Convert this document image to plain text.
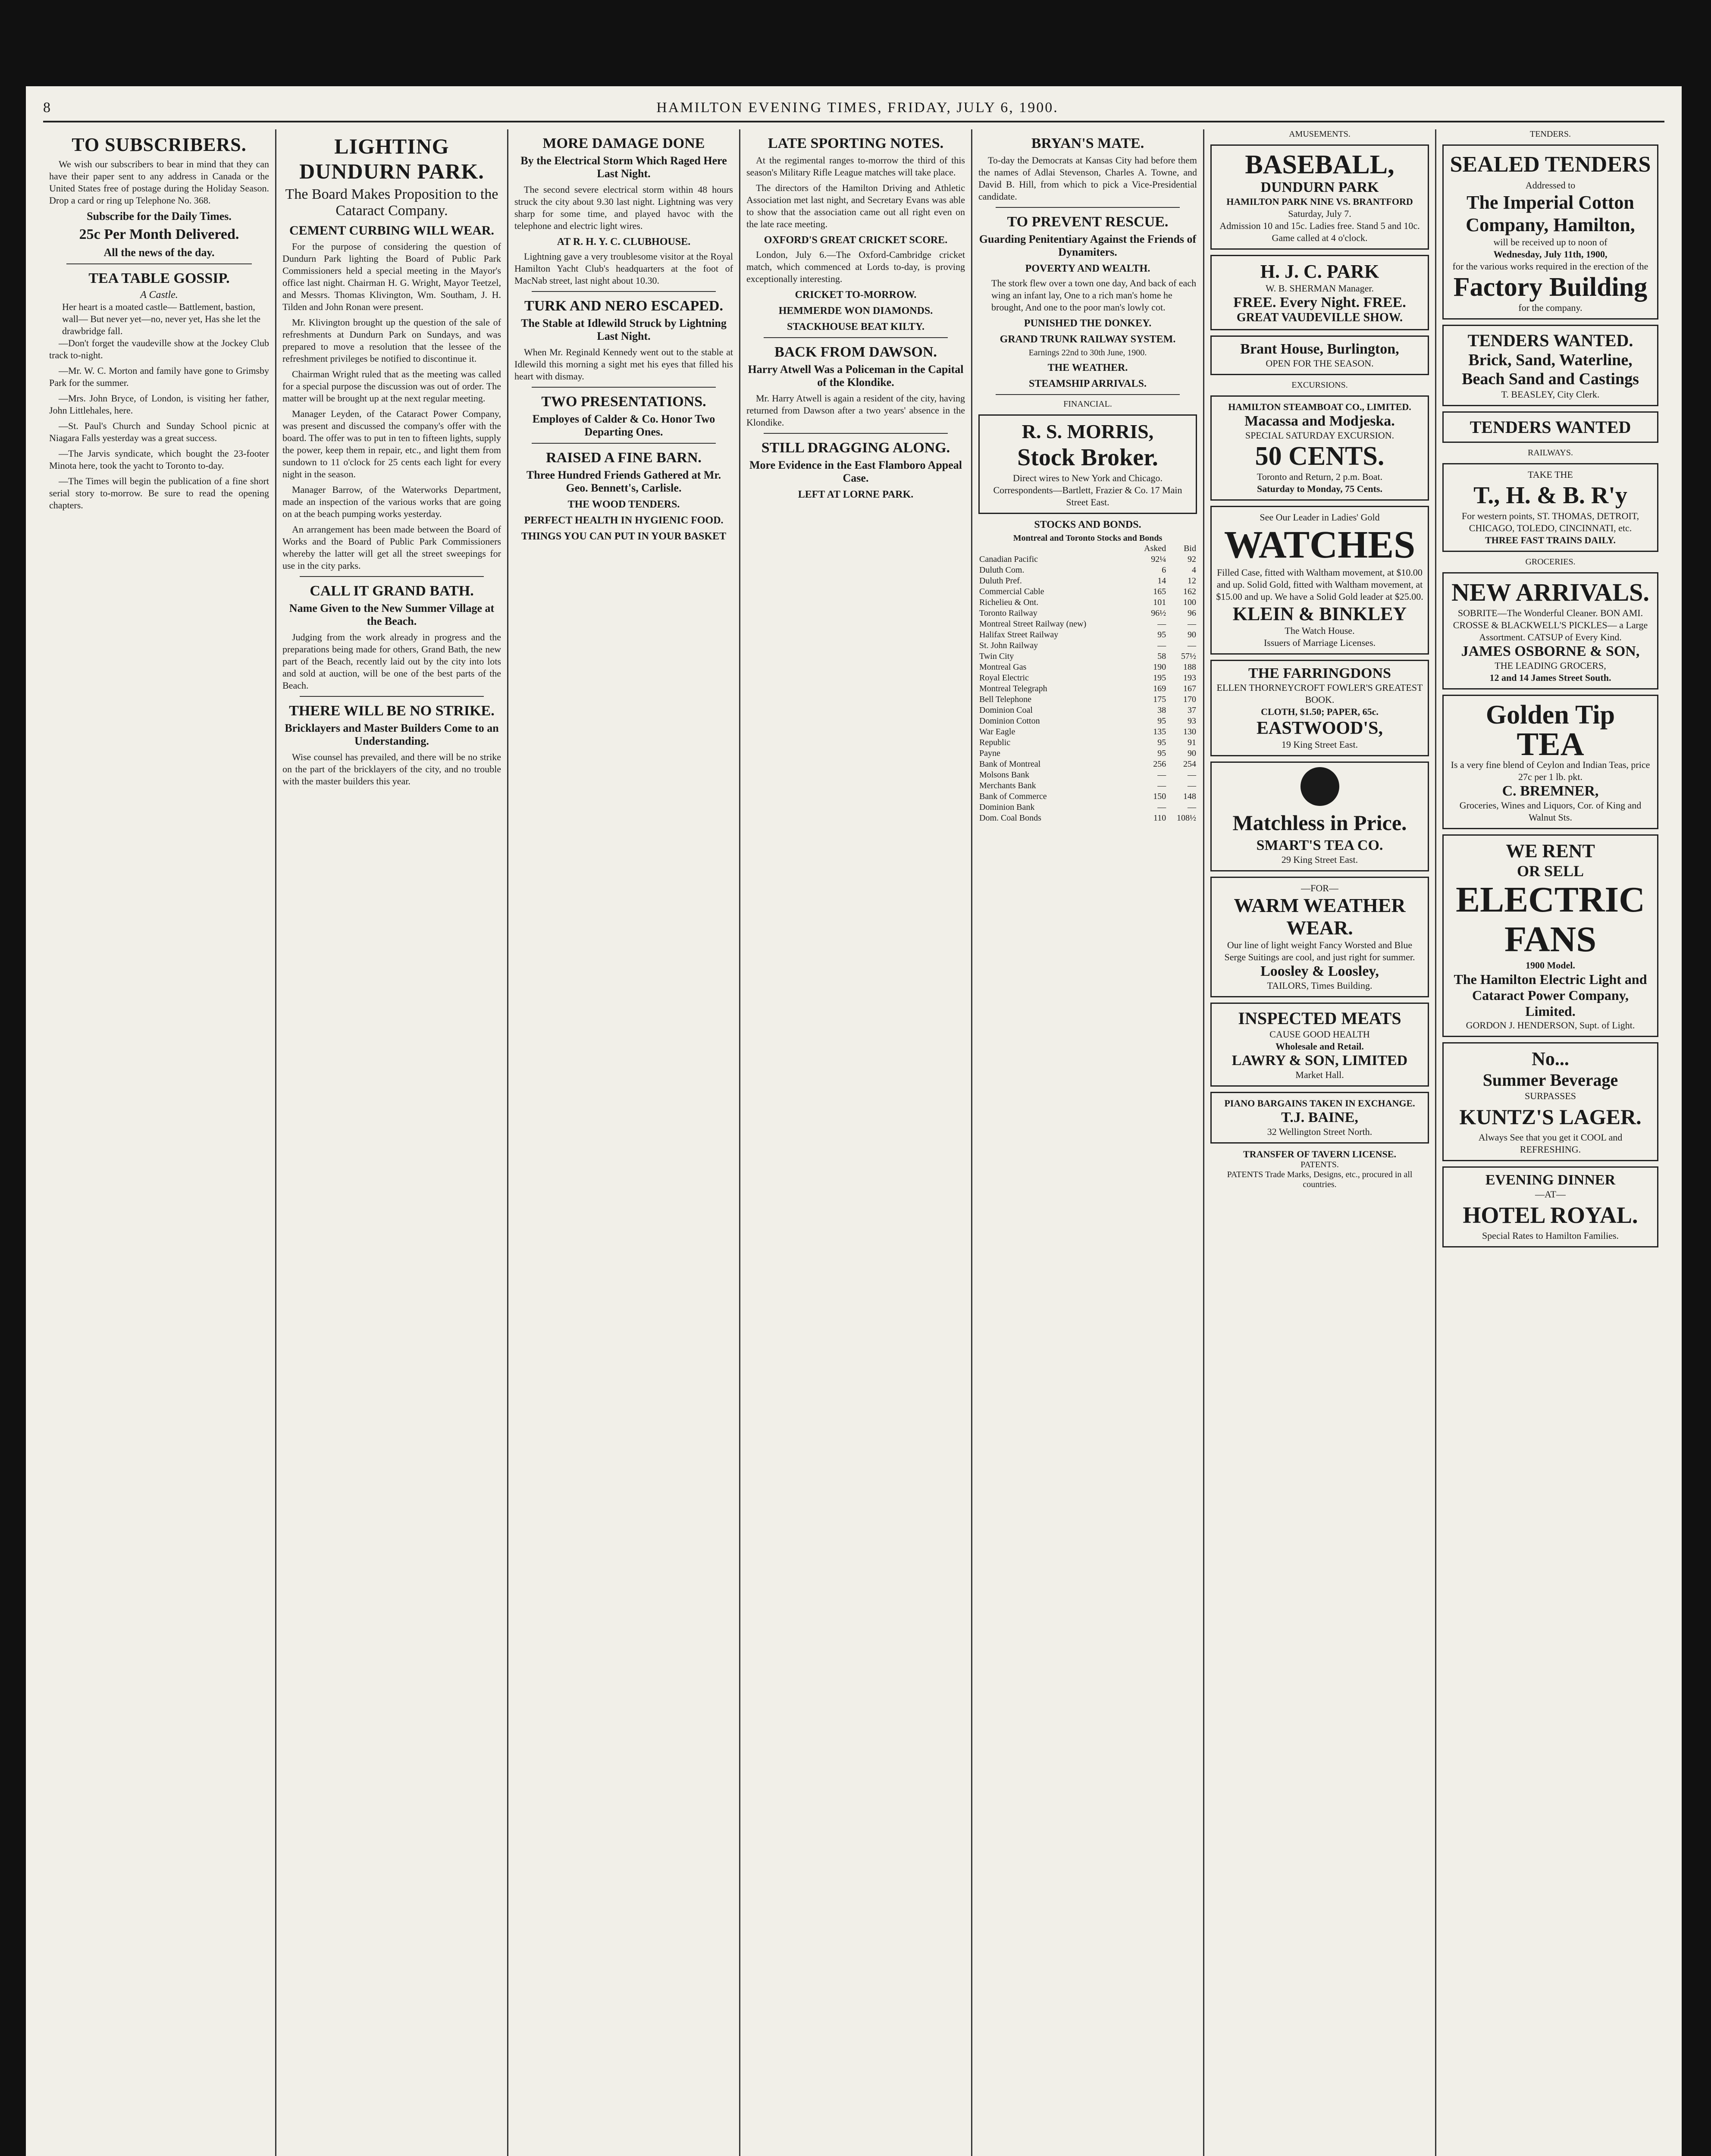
8	HAMILTON EVENING TIMES, FRIDAY, JULY 6, 1900.
TO SUBSCRIBERS.

We wish our subscribers to bear in mind that they can have their paper sent to any address in Canada or the United States free of postage during the Holiday Season. Drop a card or ring up Telephone No. 368.

Subscribe for the Daily Times.
25c Per Month Delivered.
All the news of the day.
TEA TABLE GOSSIP.
A Castle.
Her heart is a moated castle— Battlement, bastion, wall— But never yet—no, never yet, Has she let the drawbridge fall.

—Don't forget the vaudeville show at the Jockey Club track to-night.

—Mr. W. C. Morton and family have gone to Grimsby Park for the summer.

—Mrs. John Bryce, of London, is visiting her father, John Littlehales, here.

—St. Paul's Church and Sunday School picnic at Niagara Falls yesterday was a great success.

—The Jarvis syndicate, which bought the 23-footer Minota here, took the yacht to Toronto to-day.

—The Times will begin the publication of a fine short serial story to-morrow. Be sure to read the opening chapters.

LIGHTING DUNDURN PARK.
The Board Makes Proposition to the Cataract Company.
CEMENT CURBING WILL WEAR.

For the purpose of considering the question of Dundurn Park lighting the Board of Public Park Commissioners held a special meeting in the Mayor's office last night. Chairman H. G. Wright, Mayor Teetzel, and Messrs. Thomas Klivington, Wm. Southam, J. H. Tilden and John Ronan were present.

Mr. Klivington brought up the question of the sale of refreshments at Dundurn Park on Sundays, and was prepared to move a resolution that the lessee of the refreshment privileges be notified to discontinue it.

Chairman Wright ruled that as the meeting was called for a special purpose the discussion was out of order. The matter will be brought up at the next regular meeting.

Manager Leyden, of the Cataract Power Company, was present and discussed the company's offer with the board. The offer was to put in ten to fifteen lights, supply the power, keep them in repair, etc., and light them from sundown to 11 o'clock for 25 cents each light for every night in the season.

Manager Barrow, of the Waterworks Department, made an inspection of the various works that are going on at the beach pumping works yesterday.

An arrangement has been made between the Board of Works and the Board of Public Park Commissioners whereby the latter will get all the street sweepings for use in the city parks.

CALL IT GRAND BATH.
Name Given to the New Summer Village at the Beach.

Judging from the work already in progress and the preparations being made for others, Grand Bath, the new part of the Beach, recently laid out by the city into lots and sold at auction, will be one of the best parts of the Beach.

THERE WILL BE NO STRIKE.
Bricklayers and Master Builders Come to an Understanding.

Wise counsel has prevailed, and there will be no strike on the part of the bricklayers of the city, and no trouble with the master builders this year.

MORE DAMAGE DONE
By the Electrical Storm Which Raged Here Last Night.

The second severe electrical storm within 48 hours struck the city about 9.30 last night. Lightning was very sharp for some time, and played havoc with the telephone and electric light wires.

AT R. H. Y. C. CLUBHOUSE.

Lightning gave a very troublesome visitor at the Royal Hamilton Yacht Club's headquarters at the foot of MacNab street, last night about 10.30.

TURK AND NERO ESCAPED.
The Stable at Idlewild Struck by Lightning Last Night.

When Mr. Reginald Kennedy went out to the stable at Idlewild this morning a sight met his eyes that filled his heart with dismay.

TWO PRESENTATIONS.
Employes of Calder & Co. Honor Two Departing Ones.
RAISED A FINE BARN.
Three Hundred Friends Gathered at Mr. Geo. Bennett's, Carlisle.
THE WOOD TENDERS.
PERFECT HEALTH IN HYGIENIC FOOD.
THINGS YOU CAN PUT IN YOUR BASKET
LATE SPORTING NOTES.

At the regimental ranges to-morrow the third of this season's Military Rifle League matches will take place.

The directors of the Hamilton Driving and Athletic Association met last night, and Secretary Evans was able to show that the association came out all right even on the late race meeting.

OXFORD'S GREAT CRICKET SCORE.

London, July 6.—The Oxford-Cambridge cricket match, which commenced at Lords to-day, is proving exceptionally interesting.

CRICKET TO-MORROW.
HEMMERDE WON DIAMONDS.
STACKHOUSE BEAT KILTY.
BACK FROM DAWSON.
Harry Atwell Was a Policeman in the Capital of the Klondike.

Mr. Harry Atwell is again a resident of the city, having returned from Dawson after a two years' absence in the Klondike.

STILL DRAGGING ALONG.
More Evidence in the East Flamboro Appeal Case.
LEFT AT LORNE PARK.
BRYAN'S MATE.

To-day the Democrats at Kansas City had before them the names of Adlai Stevenson, Charles A. Towne, and David B. Hill, from which to pick a Vice-Presidential candidate.

TO PREVENT RESCUE.
Guarding Penitentiary Against the Friends of Dynamiters.
POVERTY AND WEALTH.
The stork flew over a town one day, And back of each wing an infant lay, One to a rich man's home he brought, And one to the poor man's lowly cot.
PUNISHED THE DONKEY.
GRAND TRUNK RAILWAY SYSTEM.
Earnings 22nd to 30th June, 1900.
THE WEATHER.
STEAMSHIP ARRIVALS.
FINANCIAL.
R. S. MORRIS,
Stock Broker.
Direct wires to New York and Chicago. Correspondents—Bartlett, Frazier & Co. 17 Main Street East.
STOCKS AND BONDS.
Montreal and Toronto Stocks and Bonds
	Asked	Bid
Canadian Pacific	92¼	92
Duluth Com.	6	4
Duluth Pref.	14	12
Commercial Cable	165	162
Richelieu & Ont.	101	100
Toronto Railway	96½	96
Montreal Street Railway (new)	—	—
Halifax Street Railway	95	90
St. John Railway	—	—
Twin City	58	57½
Montreal Gas	190	188
Royal Electric	195	193
Montreal Telegraph	169	167
Bell Telephone	175	170
Dominion Coal	38	37
Dominion Cotton	95	93
War Eagle	135	130
Republic	95	91
Payne	95	90
Bank of Montreal	256	254
Molsons Bank	—	—
Merchants Bank	—	—
Bank of Commerce	150	148
Dominion Bank	—	—
Dom. Coal Bonds	110	108½
AMUSEMENTS.
BASEBALL,
DUNDURN PARK
HAMILTON PARK NINE VS. BRANTFORD
Saturday, July 7.
Admission 10 and 15c. Ladies free. Stand 5 and 10c. Game called at 4 o'clock.
H. J. C. PARK
W. B. SHERMAN Manager.
FREE. Every Night. FREE.
GREAT VAUDEVILLE SHOW.
Brant House, Burlington,
OPEN FOR THE SEASON.
EXCURSIONS.
HAMILTON STEAMBOAT CO., LIMITED.
Macassa and Modjeska.
SPECIAL SATURDAY EXCURSION.
50 CENTS.
Toronto and Return, 2 p.m. Boat.
Saturday to Monday, 75 Cents.
See Our Leader in Ladies' Gold
WATCHES
Filled Case, fitted with Waltham movement, at $10.00 and up. Solid Gold, fitted with Waltham movement, at $15.00 and up. We have a Solid Gold leader at $25.00.
KLEIN & BINKLEY
The Watch House.
Issuers of Marriage Licenses.
THE FARRINGDONS
ELLEN THORNEYCROFT FOWLER'S GREATEST BOOK.
CLOTH, $1.50; PAPER, 65c.
EASTWOOD'S,
19 King Street East.
Matchless in Price.
SMART'S TEA CO.
29 King Street East.
—FOR—
WARM WEATHER WEAR.
Our line of light weight Fancy Worsted and Blue Serge Suitings are cool, and just right for summer.
Loosley & Loosley,
TAILORS, Times Building.
INSPECTED MEATS
CAUSE GOOD HEALTH
Wholesale and Retail.
LAWRY & SON, LIMITED
Market Hall.
PIANO BARGAINS TAKEN IN EXCHANGE.
T.J. BAINE,
32 Wellington Street North.
TRANSFER OF TAVERN LICENSE.
PATENTS.
PATENTS Trade Marks, Designs, etc., procured in all countries.
TENDERS.
SEALED TENDERS
Addressed to
The Imperial Cotton Company, Hamilton,
will be received up to noon of
Wednesday, July 11th, 1900,
for the various works required in the erection of the
Factory Building
for the company.
TENDERS WANTED.
Brick, Sand, Waterline, Beach Sand and Castings
T. BEASLEY, City Clerk.
TENDERS WANTED
RAILWAYS.
TAKE THE
T., H. & B. R'y
For western points, ST. THOMAS, DETROIT, CHICAGO, TOLEDO, CINCINNATI, etc.
THREE FAST TRAINS DAILY.
GROCERIES.
NEW ARRIVALS.
SOBRITE—The Wonderful Cleaner. BON AMI. CROSSE & BLACKWELL'S PICKLES— a Large Assortment. CATSUP of Every Kind.
JAMES OSBORNE & SON,
THE LEADING GROCERS,
12 and 14 James Street South.
Golden Tip
TEA
Is a very fine blend of Ceylon and Indian Teas, price 27c per 1 lb. pkt.
C. BREMNER,
Groceries, Wines and Liquors, Cor. of King and Walnut Sts.
WE RENT
OR SELL
ELECTRIC
FANS
1900 Model.
The Hamilton Electric Light and Cataract Power Company, Limited.
GORDON J. HENDERSON, Supt. of Light.
No...
Summer Beverage
SURPASSES
KUNTZ'S LAGER.
Always See that you get it COOL and REFRESHING.
EVENING DINNER
—AT—
HOTEL ROYAL.
Special Rates to Hamilton Families.
